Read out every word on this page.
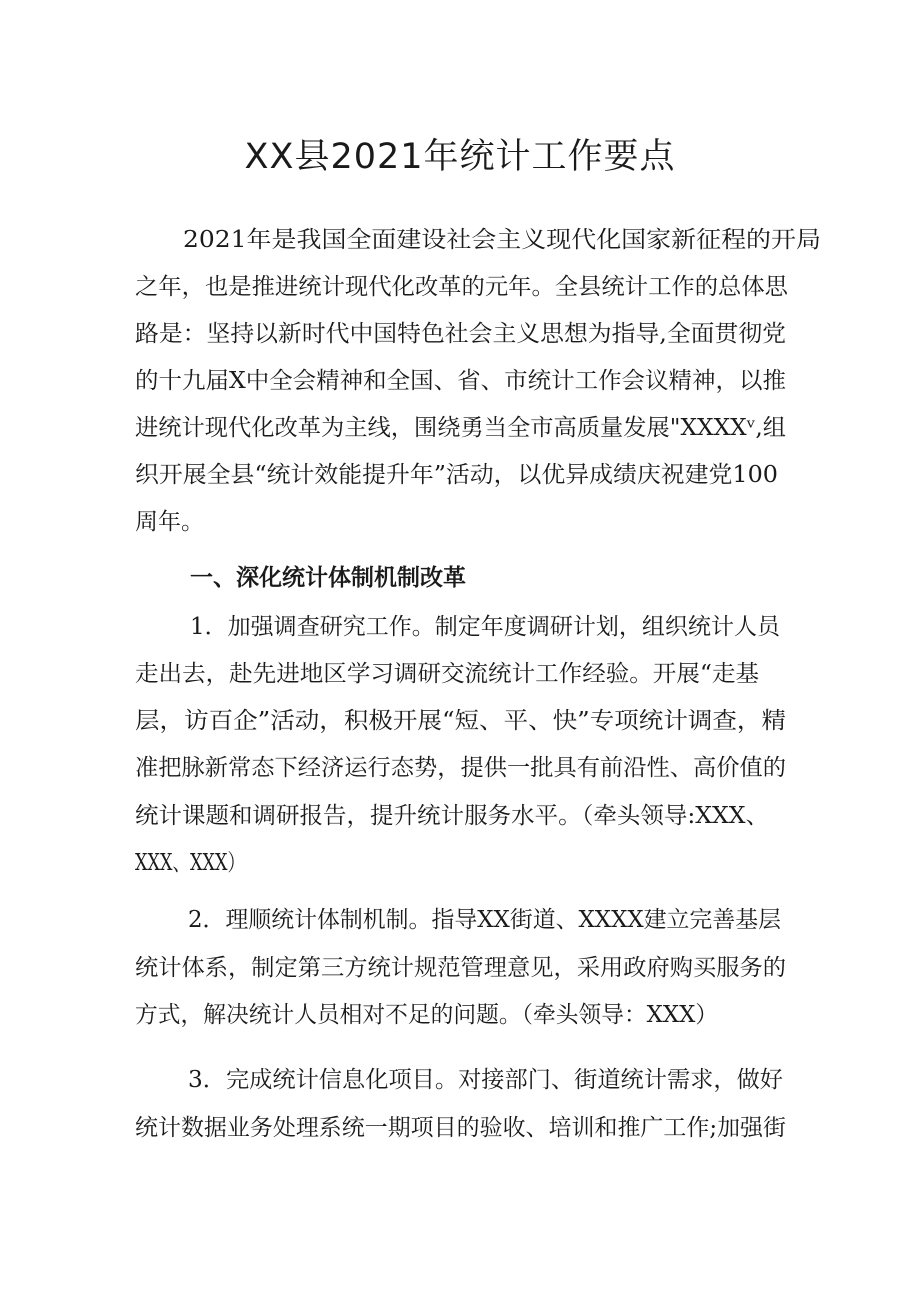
XX县2021年统计工作要点

2021年是我国全面建设社会主义现代化国家新征程的开局

之年，也是推进统计现代化改革的元年。全县统计工作的总体思

路是：坚持以新时代中国特色社会主义思想为指导,全面贯彻党

的十九届X中全会精神和全国、省、市统计工作会议精神，以推

进统计现代化改革为主线，围绕勇当全市高质量发展"XXXXᵛ,组

织开展全县“统计效能提升年”活动，以优异成绩庆祝建党100

周年。

一、深化统计体制机制改革

1．加强调查研究工作。制定年度调研计划，组织统计人员

走出去，赴先进地区学习调研交流统计工作经验。开展“走基

层，访百企”活动，积极开展“短、平、快”专项统计调查，精

准把脉新常态下经济运行态势，提供一批具有前沿性、高价值的

统计课题和调研报告，提升统计服务水平。（牵头领导:XXX、

XXX、XXX）

2．理顺统计体制机制。指导XX街道、XXXX建立完善基层

统计体系，制定第三方统计规范管理意见，采用政府购买服务的

方式，解决统计人员相对不足的问题。（牵头领导：XXX）

3．完成统计信息化项目。对接部门、街道统计需求，做好

统计数据业务处理系统一期项目的验收、培训和推广工作;加强街
